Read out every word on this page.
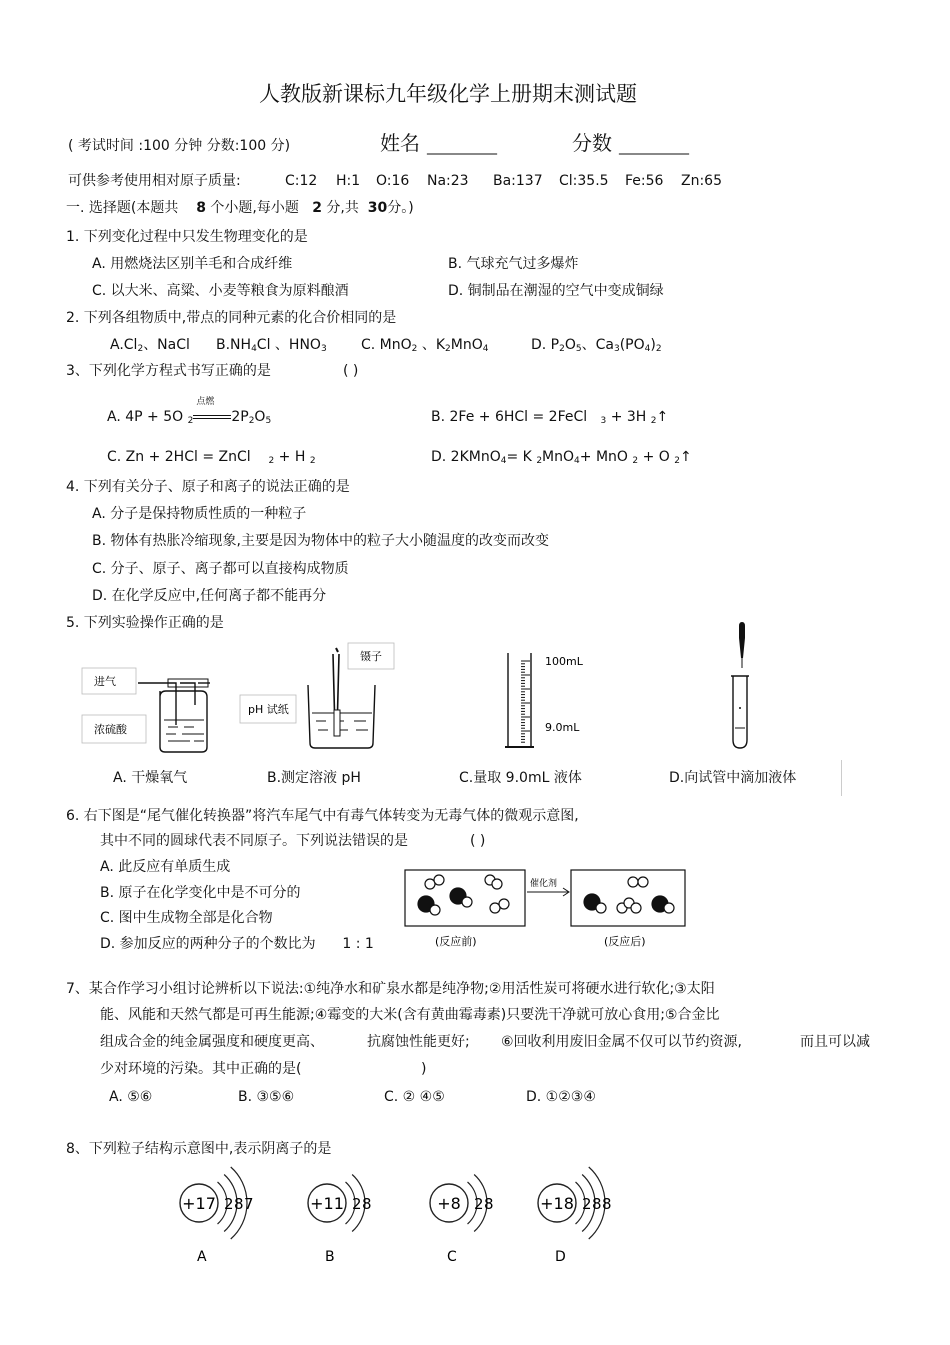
人教版新课标九年级化学上册期末测试题
( 考试时间 :100 分钟 分数:100 分)	姓名 __________	分数 __________
可供参考使用相对原子质量:	C:12 H:1 O:16 Na:23 Ba:137 Cl:35.5 Fe:56 Zn:65
一. 选择题(本题共 8 个小题,每小题 2 分,共 30分。)
1. 下列变化过程中只发生物理变化的是
A. 用燃烧法区别羊毛和合成纤维	B. 气球充气过多爆炸
C. 以大米、高粱、小麦等粮食为原料酿酒	D. 铜制品在潮湿的空气中变成铜绿
2. 下列各组物质中,带点的同种元素的化合价相同的是
$A.Cl_2$、NaCl $B.NH_4Cl$ 、$HNO_3$ C. MnO$_2$ 、$K_2MnO_4$	D. $P_2O_5$、$Ca_3(PO_4)_2$
3、下列化学方程式书写正确的是	( )
A. 4P + 5O $_2$
点燃
$2P_2O_5$	B. 2Fe + 6HCl = 2FeCl $_3$ + 3H $_2$↑
C. Zn + 2HCl = ZnCl $_2$ + H $_2$	D. 2KMnO$_4$= K $_2$MnO$_4$+ MnO $_2$ + O $_2$↑
4. 下列有关分子、原子和离子的说法正确的是
A. 分子是保持物质性质的一种粒子
B. 物体有热胀冷缩现象,主要是因为物体中的粒子大小随温度的改变而改变
C. 分子、原子、离子都可以直接构成物质
D. 在化学反应中,任何离子都不能再分
5. 下列实验操作正确的是
进气
浓硫酸
镊子
pH 试纸
100mL
9.0mL
A. 干燥氧气	B.测定溶液 pH	C.量取 9.0mL 液体	D.向试管中滴加液体
6. 右下图是“尾气催化转换器”将汽车尾气中有毒气体转变为无毒气体的微观示意图,
其中不同的圆球代表不同原子。下列说法错误的是	( )
A. 此反应有单质生成
B. 原子在化学变化中是不可分的
C. 图中生成物全部是化合物
D. 参加反应的两种分子的个数比为 1 : 1
催化剂
(反应前)	(反应后)
7、某合作学习小组讨论辨析以下说法:①纯净水和矿泉水都是纯净物;②用活性炭可将硬水进行软化;③太阳
能、风能和天然气都是可再生能源;④霉变的大米(含有黄曲霉毒素)只要洗干净就可放心食用;⑤合金比
组成合金的纯金属强度和硬度更高、	抗腐蚀性能更好; ⑥回收利用废旧金属不仅可以节约资源,	而且可以减
少对环境的污染。其中正确的是(	)
A. ⑤⑥	B. ③⑤⑥	C. ② ④⑤	D. ①②③④
8、下列粒子结构示意图中,表示阴离子的是
+17 2 8 7
A
+11 2 8
B
+8 2 8
C
+18 2 8 8
D
